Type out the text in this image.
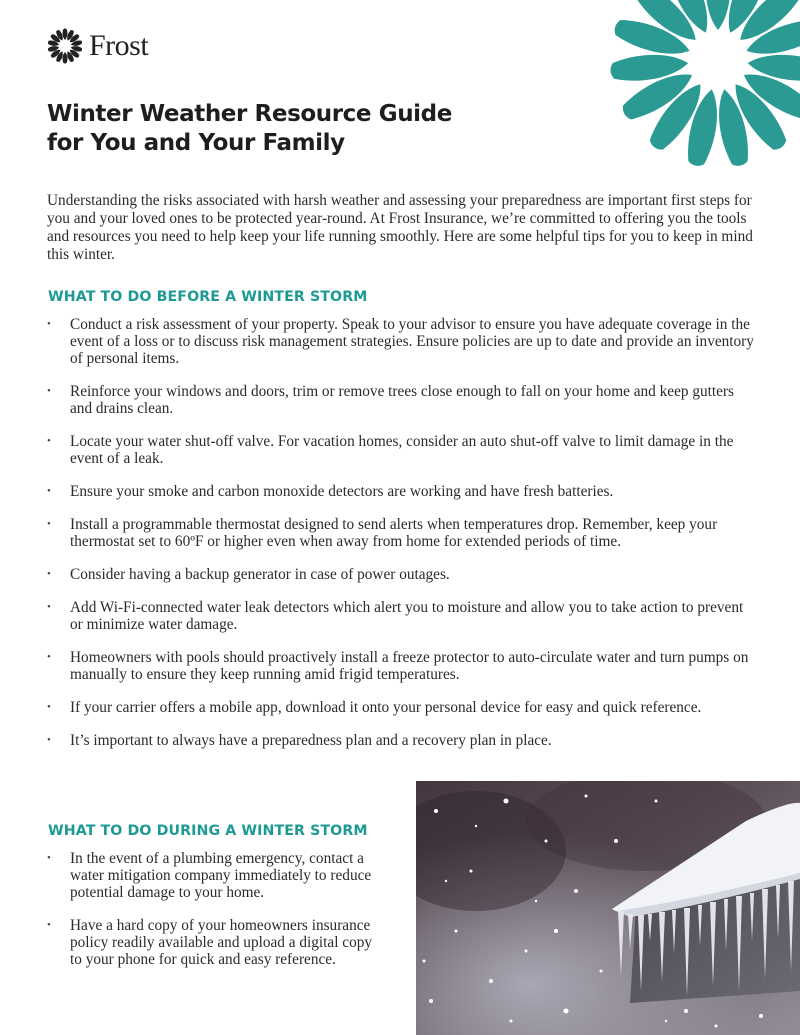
Frost
Winter Weather Resource Guide
for You and Your Family

Understanding the risks associated with harsh weather and assessing your preparedness are important first steps for you and your loved ones to be protected year-round. At Frost Insurance, we’re committed to offering you the tools and resources you need to help keep your life running smoothly. Here are some helpful tips for you to keep in mind this winter.

WHAT TO DO BEFORE A WINTER STORM
• Conduct a risk assessment of your property. Speak to your advisor to ensure you have adequate coverage in the event of a loss or to discuss risk management strategies. Ensure policies are up to date and provide an inventory of personal items.
• Reinforce your windows and doors, trim or remove trees close enough to fall on your home and keep gutters and drains clean.
• Locate your water shut-off valve. For vacation homes, consider an auto shut-off valve to limit damage in the event of a leak.
• Ensure your smoke and carbon monoxide detectors are working and have fresh batteries.
• Install a programmable thermostat designed to send alerts when temperatures drop. Remember, keep your thermostat set to 60ºF or higher even when away from home for extended periods of time.
• Consider having a backup generator in case of power outages.
• Add Wi-Fi-connected water leak detectors which alert you to moisture and allow you to take action to prevent or minimize water damage.
• Homeowners with pools should proactively install a freeze protector to auto-circulate water and turn pumps on manually to ensure they keep running amid frigid temperatures.
• If your carrier offers a mobile app, download it onto your personal device for easy and quick reference.
• It’s important to always have a preparedness plan and a recovery plan in place.
WHAT TO DO DURING A WINTER STORM
• In the event of a plumbing emergency, contact a water mitigation company immediately to reduce potential damage to your home.
• Have a hard copy of your homeowners insurance policy readily available and upload a digital copy to your phone for quick and easy reference.
